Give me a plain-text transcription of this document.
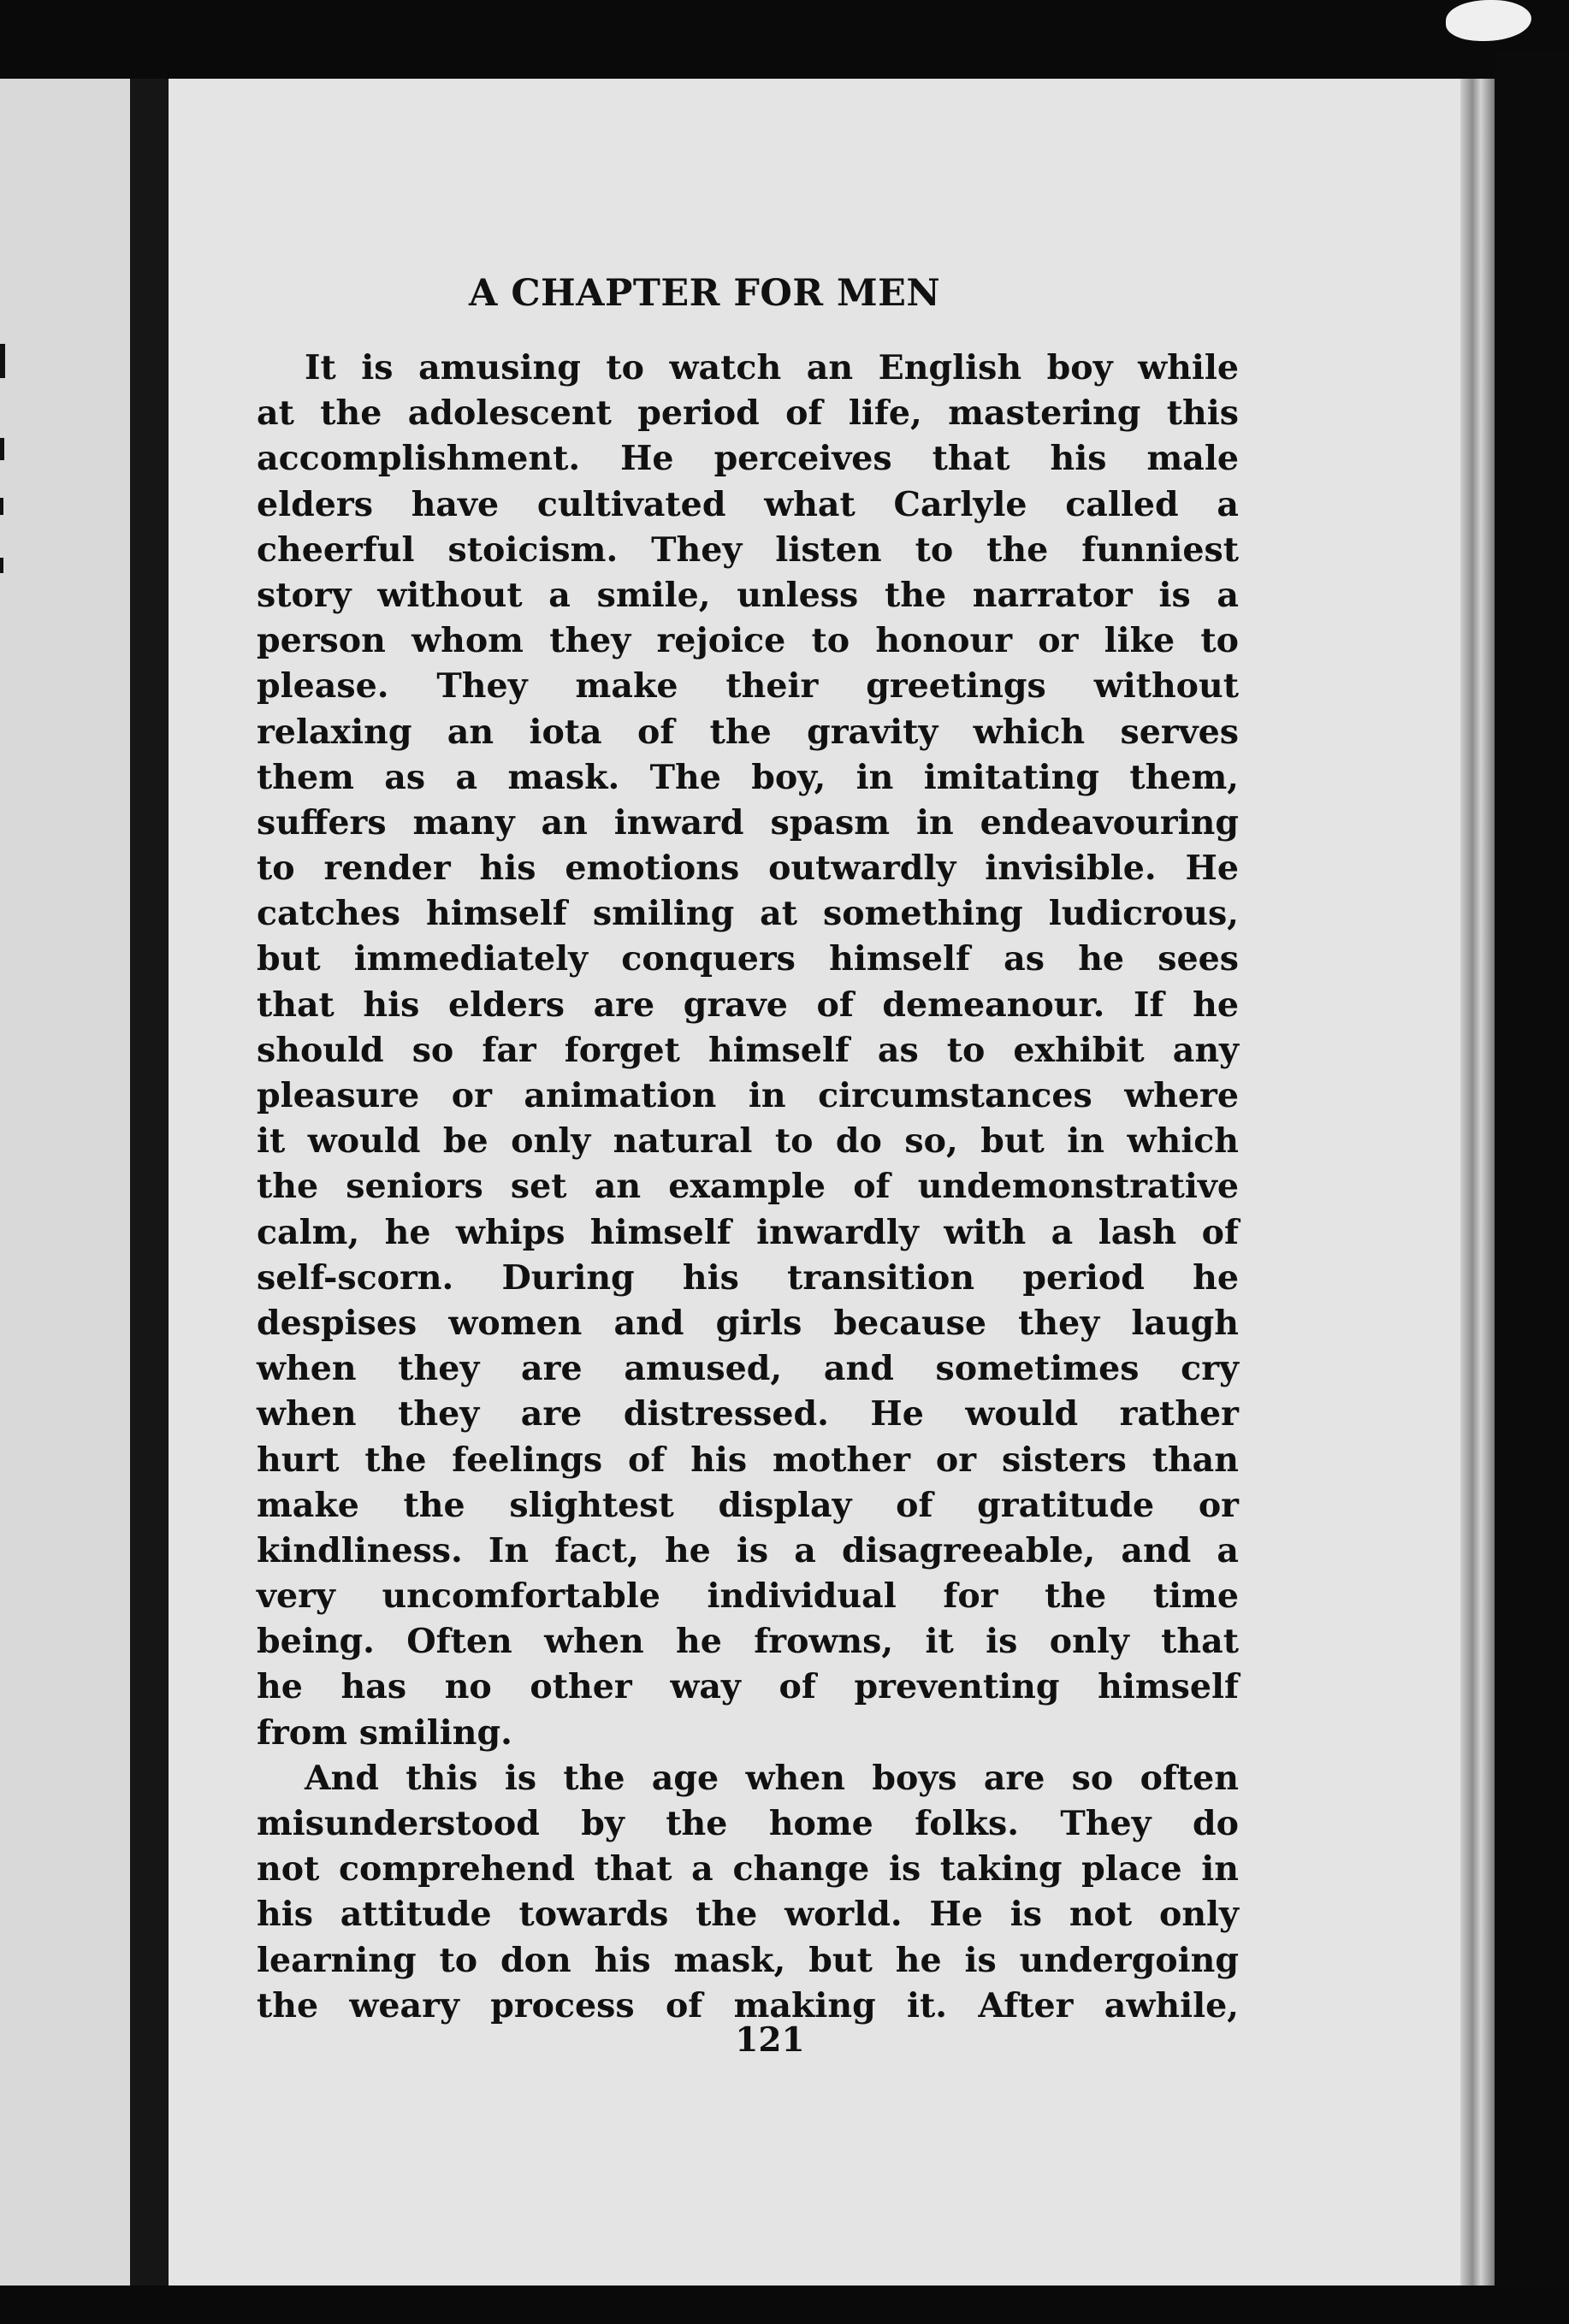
A CHAPTER FOR MEN
It is amusing to watch an English boy while
at the adolescent period of life, mastering this
accomplishment. He perceives that his male
elders have cultivated what Carlyle called a
cheerful stoicism. They listen to the funniest
story without a smile, unless the narrator is a
person whom they rejoice to honour or like to
please. They make their greetings without
relaxing an iota of the gravity which serves
them as a mask. The boy, in imitating them,
suffers many an inward spasm in endeavouring
to render his emotions outwardly invisible. He
catches himself smiling at something ludicrous,
but immediately conquers himself as he sees
that his elders are grave of demeanour. If he
should so far forget himself as to exhibit any
pleasure or animation in circumstances where
it would be only natural to do so, but in which
the seniors set an example of undemonstrative
calm, he whips himself inwardly with a lash of
self-scorn. During his transition period he
despises women and girls because they laugh
when they are amused, and sometimes cry
when they are distressed. He would rather
hurt the feelings of his mother or sisters than
make the slightest display of gratitude or
kindliness. In fact, he is a disagreeable, and a
very uncomfortable individual for the time
being. Often when he frowns, it is only that
he has no other way of preventing himself
from smiling.
And this is the age when boys are so often
misunderstood by the home folks. They do
not comprehend that a change is taking place in
his attitude towards the world. He is not only
learning to don his mask, but he is undergoing
the weary process of making it. After awhile,
121
